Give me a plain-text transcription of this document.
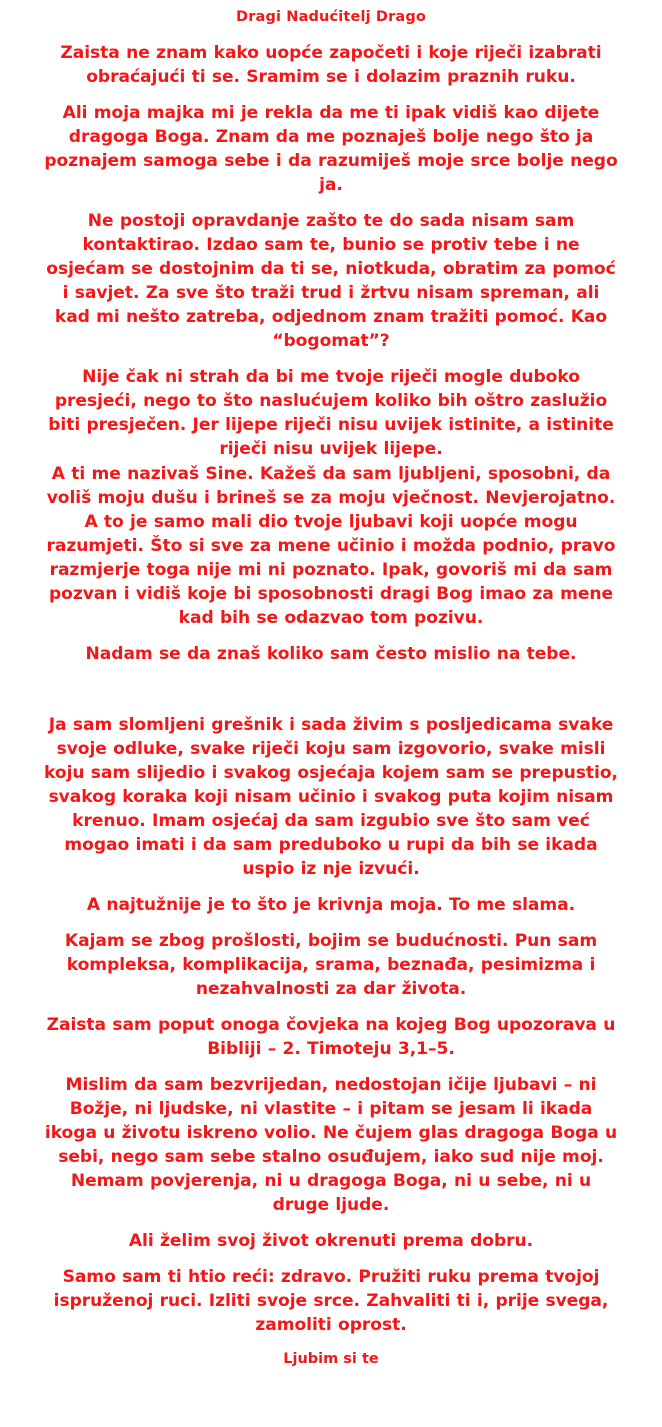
Dragi Nadućitelj Drago

Zaista ne znam kako uopće započeti i koje riječi izabrati obraćajući ti se. Sramim se i dolazim praznih ruku.

Ali moja majka mi je rekla da me ti ipak vidiš kao dijete dragoga Boga. Znam da me poznaješ bolje nego što ja poznajem samoga sebe i da razumiješ moje srce bolje nego ja.

Ne postoji opravdanje zašto te do sada nisam sam kontaktirao. Izdao sam te, bunio se protiv tebe i ne osjećam se dostojnim da ti se, niotkuda, obratim za pomoć i savjet. Za sve što traži trud i žrtvu nisam spreman, ali kad mi nešto zatreba, odjednom znam tražiti pomoć. Kao “bogomat”?

Nije čak ni strah da bi me tvoje riječi mogle duboko presjeći, nego to što naslućujem koliko bih oštro zaslužio biti presječen. Jer lijepe riječi nisu uvijek istinite, a istinite riječi nisu uvijek lijepe.

A ti me nazivaš Sine. Kažeš da sam ljubljeni, sposobni, da voliš moju dušu i brineš se za moju vječnost. Nevjerojatno. A to je samo mali dio tvoje ljubavi koji uopće mogu razumjeti. Što si sve za mene učinio i možda podnio, pravo razmjerje toga nije mi ni poznato. Ipak, govoriš mi da sam pozvan i vidiš koje bi sposobnosti dragi Bog imao za mene kad bih se odazvao tom pozivu.

Nadam se da znaš koliko sam često mislio na tebe.

Ja sam slomljeni grešnik i sada živim s posljedicama svake svoje odluke, svake riječi koju sam izgovorio, svake misli koju sam slijedio i svakog osjećaja kojem sam se prepustio, svakog koraka koji nisam učinio i svakog puta kojim nisam krenuo. Imam osjećaj da sam izgubio sve što sam već mogao imati i da sam preduboko u rupi da bih se ikada uspio iz nje izvući.

A najtužnije je to što je krivnja moja. To me slama.

Kajam se zbog prošlosti, bojim se budućnosti. Pun sam kompleksa, komplikacija, srama, beznađa, pesimizma i nezahvalnosti za dar života.

Zaista sam poput onoga čovjeka na kojeg Bog upozorava u Bibliji – 2. Timoteju 3,1–5.

Mislim da sam bezvrijedan, nedostojan ičije ljubavi – ni Božje, ni ljudske, ni vlastite – i pitam se jesam li ikada ikoga u životu iskreno volio. Ne čujem glas dragoga Boga u sebi, nego sam sebe stalno osuđujem, iako sud nije moj. Nemam povjerenja, ni u dragoga Boga, ni u sebe, ni u druge ljude.

Ali želim svoj život okrenuti prema dobru.

Samo sam ti htio reći: zdravo. Pružiti ruku prema tvojoj ispruženoj ruci. Izliti svoje srce. Zahvaliti ti i, prije svega, zamoliti oprost.

Ljubim si te
